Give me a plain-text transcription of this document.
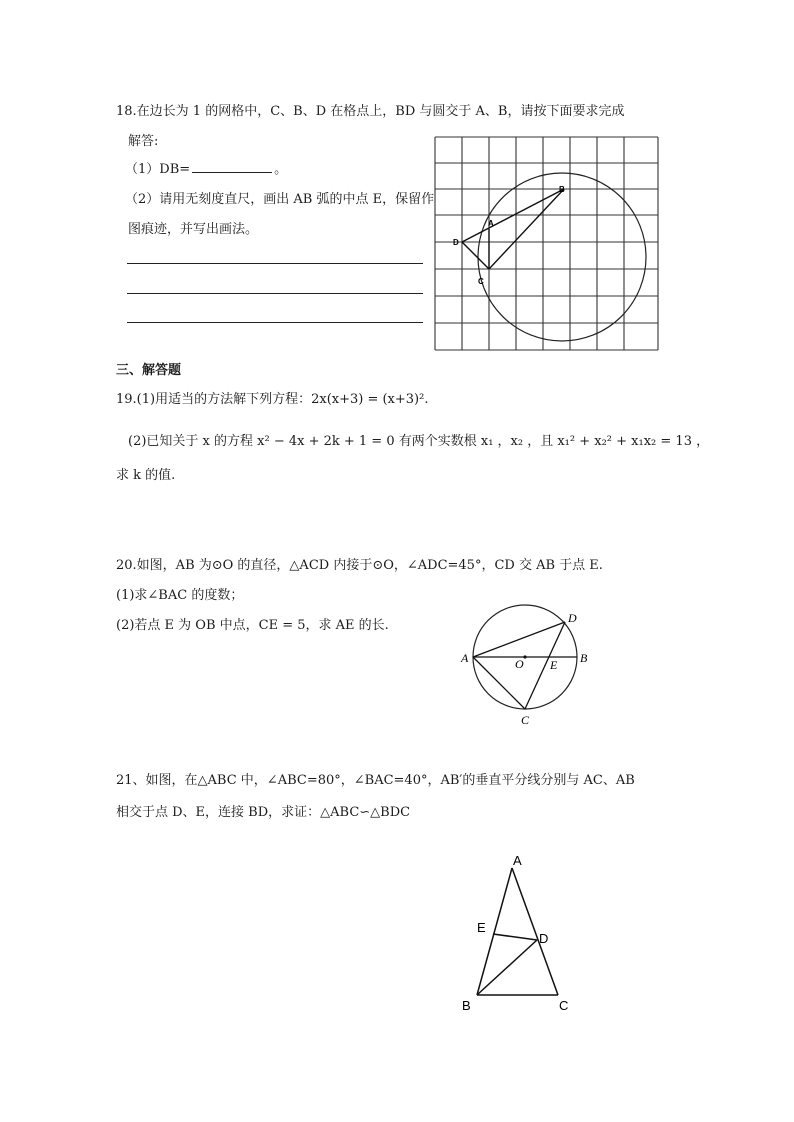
18.在边长为 1 的网格中，C、B、D 在格点上，BD 与圆交于 A、B，请按下面要求完成
解答:
（1）DB=	。
（2）请用无刻度直尺，画出 AB 弧的中点 E，保留作
图痕迹，并写出画法。
B
A
D
C
三、解答题
19.(1)用适当的方法解下列方程：2x(x+3) = (x+3)².
(2)已知关于 x 的方程 x² − 4x + 2k + 1 = 0 有两个实数根 x₁ ，x₂ ，且 x₁² + x₂² + x₁x₂ = 13 ，
求 k 的值.
20.如图，AB 为⊙O 的直径，△ACD 内接于⊙O，∠ADC=45°，CD 交 AB 于点 E.
(1)求∠BAC 的度数；
(2)若点 E 为 OB 中点，CE = 5，求 AE 的长.
A	B
O E
D
C
21、如图，在△ABC 中，∠ABC=80°，∠BAC=40°，AB′的垂直平分线分别与 AC、AB
相交于点 D、E，连接 BD，求证：△ABC∽△BDC
A
E
D
B	C
